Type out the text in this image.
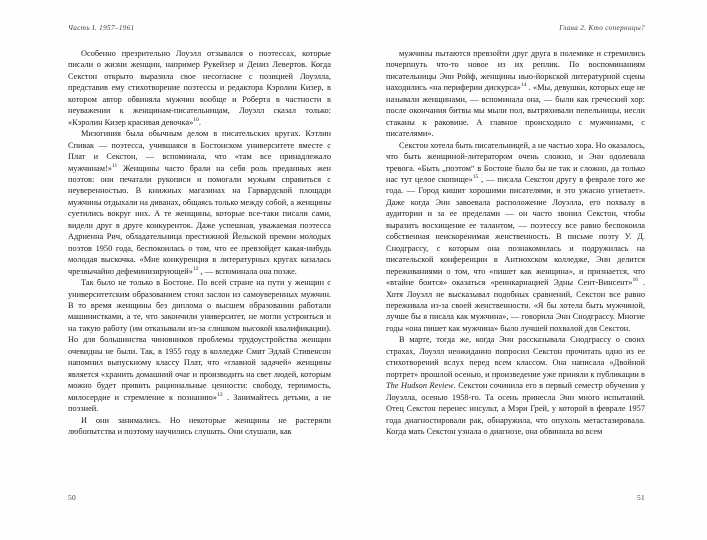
Часть I. 1957–1961

Особенно презрительно Лоуэлл отзывался о поэтессах, которые писали о жизни женщин, например Рукейзер и Дениз Левертов. Когда Секстон открыто выразила свое несогласие с позицией Лоуэлла, представив ему стихотворение поэтессы и редактора Кэролин Кизер, в котором автор обвиняла мужчин вообще и Роберта в частности в неуважении к женщинам-писательницам, Лоуэлл сказал только: «Кэролин Кизер красивая девочка»$^{10}$.

Мизогиния была обычным делом в писательских кругах. Кэтлин Спивак — поэтесса, учившаяся в Бостонском университете вместе с Плат и Секстон, — вспоминала, что «там все принадлежало мужчинам!»$^{11}$ Женщины часто брали на себя роль преданных жен поэтов: они печатали рукописи и помогали мужьям справиться с неуверенностью. В книжных магазинах на Гарвардской площади мужчины отдыхали на диванах, общаясь только между собой, а женщины суетились вокруг них. А те женщины, которые все-таки писали сами, видели друг в друге конкуренток. Даже успешная, уважаемая поэтесса Адриенна Рич, обладательница престижной Йельской премии молодых поэтов 1950 года, беспокоилась о том, что ее превзойдет какая-нибудь молодая выскочка. «Мне конкуренция в литературных кругах казалась чрезвычайно дефеминизирующей»$^{12}$ , — вспоминала она позже.

Так было не только в Бостоне. По всей стране на пути у женщин с университетским образованием стоял заслон из самоуверенных мужчин. В то время женщины без диплома о высшем образовании работали машинистками, а те, что закончили университет, не могли устроиться и на такую работу (им отказывали из-за слишком высокой квалификации). Но для большинства чиновников проблемы трудоустройства женщин очевидны не были. Так, в 1955 году в колледже Смит Эдлай Стивенсон напомнил выпускному классу Плат, что «главной задачей» женщины является «хранить домашний очаг и производить на свет людей, которым можно будет привить рациональные ценности: свободу, терпимость, милосердие и стремление к познанию»$^{13}$ . Занимайтесь детьми, а не поэзией.

И они занимались. Но некоторые женщины не растеряли любопытства и поэтому научились слушать. Они слушали, как

50
Глава 2. Кто соперницы?

мужчины пытаются превзойти друг друга в полемике и стремились почерпнуть что-то новое из их реплик. По воспоминаниям писательницы Энн Ройф, женщины нью-йоркской литературной сцены находились «на периферии дискурса»$^{14}$ . «Мы, девушки, которых еще не называли женщинами, — вспоминала она, — были как греческий хор: после окончания битвы мы мыли пол, вытряхивали пепельницы, несли стаканы к раковине. А главное происходило с мужчинами, с писателями».

Секстон хотела быть писательницей, а не частью хора. Но оказалось, что быть женщиной-литератором очень сложно, и Энн одолевала тревога. «Быть „поэтом“ в Бостоне было бы не так и сложно, да только нас тут целое скопище»$^{15}$ , — писала Секстон другу в феврале того же года. — Город кишит хорошими писателями, и это ужасно угнетает». Даже когда Энн завоевала расположение Лоуэлла, его похвалу в аудитории и за ее пределами — он часто звонил Секстон, чтобы выразить восхищение ее талантом, — поэтессу все равно беспокоила собственная неискоренимая женственность. В письме поэту У. Д. Снодграссу, с которым она познакомилась и подружилась на писательской конференции в Антиохском колледже, Энн делится переживаниями о том, что «пишет как женщина», и признается, что «втайне боится» оказаться «реинкарнацией Эдны Сент-Винсент»$^{16}$ . Хотя Лоуэлл не высказывал подобных сравнений, Секстон все равно переживала из-за своей женственности. «Я бы хотела быть мужчиной, лучше бы я писала как мужчина», — говорила Энн Снодграссу. Многие годы «она пишет как мужчина» было лучшей похвалой для Секстон.

В марте, тогда же, когда Энн рассказывала Снодграссу о своих страхах, Лоуэлл неожиданно попросил Секстон прочитать одно из ее стихотворений вслух перед всем классом. Она написала «Двойной портрет» прошлой осенью, и произведение уже приняли к публикации в The Hudson Review. Секстон сочинила его в первый семестр обучения у Лоуэлла, осенью 1958-го. Та осень принесла Энн много испытаний. Отец Секстон перенес инсульт, а Мэри Грей, у которой в феврале 1957 года диагностировали рак, обнаружила, что опухоль метастазировала. Когда мать Секстон узнала о диагнозе, она обвинила во всем

51
